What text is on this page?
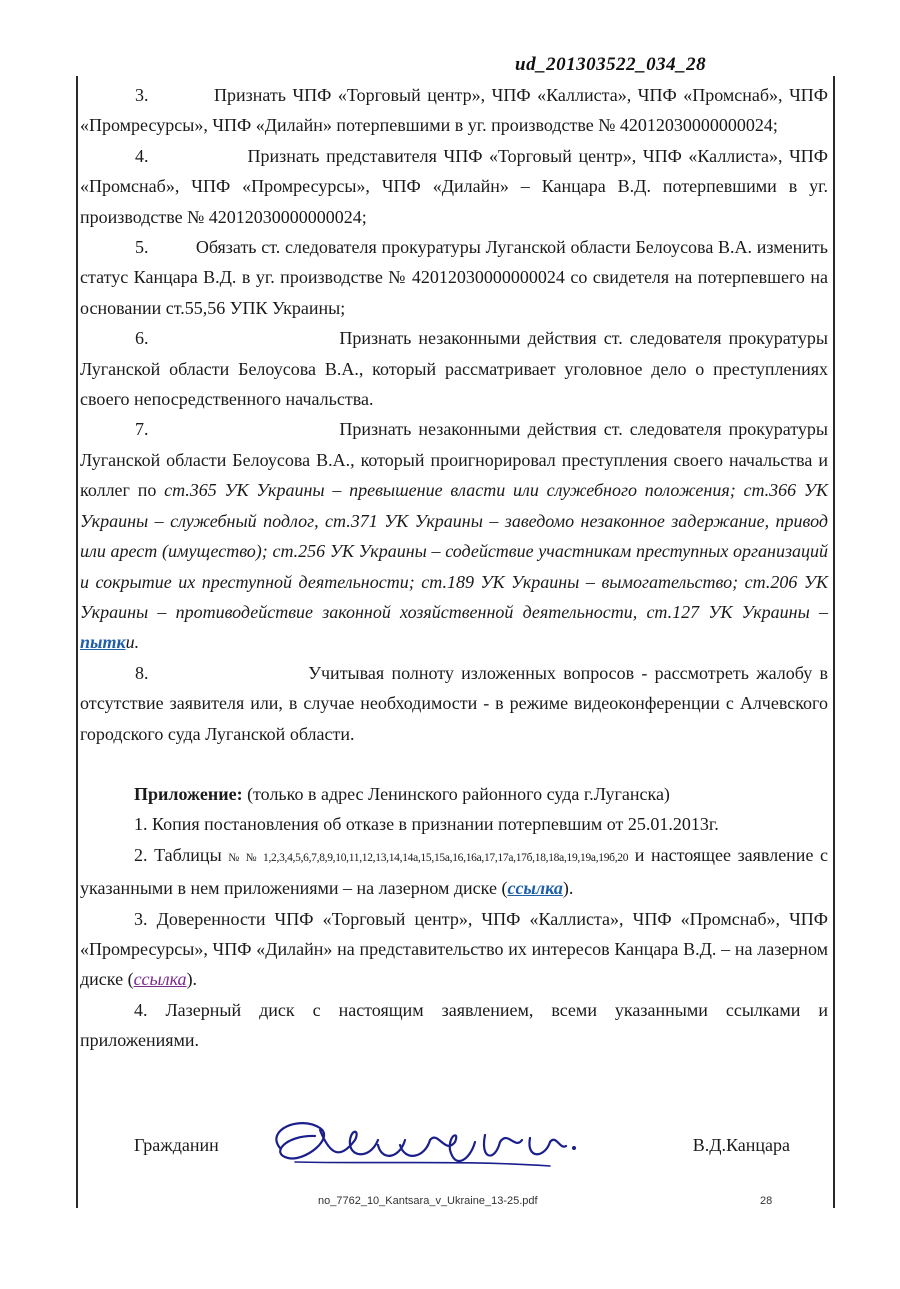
ud_201303522_034_28

3.          Признать ЧПФ «Торговый центр», ЧПФ «Каллиста», ЧПФ «Промснаб», ЧПФ «Промресурсы», ЧПФ «Дилайн» потерпевшими в уг. производстве № 42012030000000024;

4.               Признать представителя ЧПФ «Торговый центр», ЧПФ «Каллиста», ЧПФ «Промснаб», ЧПФ «Промресурсы», ЧПФ «Дилайн» – Канцара В.Д. потерпевшими в уг. производстве № 42012030000000024;

5.          Обязать ст. следователя прокуратуры Луганской области Белоусова В.А. изменить статус Канцара В.Д. в уг. производстве № 42012030000000024 со свидетеля на потерпевшего на основании ст.55,56 УПК Украины;

6.                           Признать незаконными действия ст. следователя прокуратуры Луганской области Белоусова В.А., который рассматривает уголовное дело о преступлениях своего непосредственного начальства.

7.                           Признать незаконными действия ст. следователя прокуратуры Луганской области Белоусова В.А., который проигнорировал преступления своего начальства и коллег по ст.365 УК Украины – превышение власти или служебного положения; ст.366 УК Украины – служебный подлог, ст.371 УК Украины – заведомо незаконное задержание, привод или арест (имущество); ст.256 УК Украины – содействие участникам преступных организаций и сокрытие их преступной деятельности; ст.189 УК Украины – вымогательство; ст.206 УК Украины – противодействие законной хозяйственной деятельности, ст.127 УК Украины – пытки.

8.                      Учитывая полноту изложенных вопросов - рассмотреть жалобу в отсутствие заявителя или, в случае необходимости - в режиме видеоконференции с Алчевского городского суда Луганской области.

Приложение: (только в адрес Ленинского районного суда г.Луганска)

1. Копия постановления об отказе в признании потерпевшим от 25.01.2013г.

2. Таблицы № № 1,2,3,4,5,6,7,8,9,10,11,12,13,14,14а,15,15а,16,16а,17,17а,17б,18,18а,19,19а,19б,20 и настоящее заявление с указанными в нем приложениями – на лазерном диске (ссылка).

3. Доверенности ЧПФ «Торговый центр», ЧПФ «Каллиста», ЧПФ «Промснаб», ЧПФ «Промресурсы», ЧПФ «Дилайн» на представительство их интересов Канцара В.Д. – на лазерном диске (ссылка).

4. Лазерный диск с настоящим заявлением, всеми указанными ссылками и приложениями.

Гражданин	В.Д.Канцара
no_7762_10_Kantsara_v_Ukraine_13-25.pdf	28
